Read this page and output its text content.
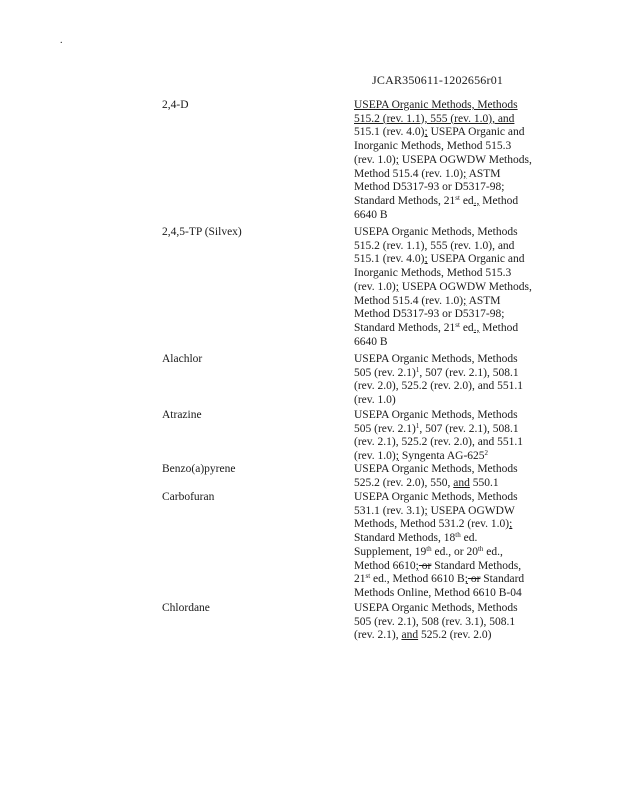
.
JCAR350611-1202656r01
2,4-D	USEPA Organic Methods, Methods 515.2 (rev. 1.1), 555 (rev. 1.0), and 515.1 (rev. 4.0); USEPA Organic and Inorganic Methods, Method 515.3 (rev. 1.0); USEPA OGWDW Methods, Method 515.4 (rev. 1.0); ASTM Method D5317-93 or D5317-98; Standard Methods, 21st ed., Method 6640 B
2,4,5-TP (Silvex)	USEPA Organic Methods, Methods 515.2 (rev. 1.1), 555 (rev. 1.0), and 515.1 (rev. 4.0); USEPA Organic and Inorganic Methods, Method 515.3 (rev. 1.0); USEPA OGWDW Methods, Method 515.4 (rev. 1.0); ASTM Method D5317-93 or D5317-98; Standard Methods, 21st ed., Method 6640 B
Alachlor	USEPA Organic Methods, Methods 505 (rev. 2.1)$^1$, 507 (rev. 2.1), 508.1 (rev. 2.0), 525.2 (rev. 2.0), and 551.1 (rev. 1.0)
Atrazine	USEPA Organic Methods, Methods 505 (rev. 2.1)$^1$, 507 (rev. 2.1), 508.1 (rev. 2.1), 525.2 (rev. 2.0), and 551.1 (rev. 1.0); Syngenta $AG-625^2$
Benzo(a)pyrene	USEPA Organic Methods, Methods 525.2 (rev. 2.0), 550, and 550.1
Carbofuran	USEPA Organic Methods, Methods 531.1 (rev. 3.1); USEPA OGWDW Methods, Method 531.2 (rev. 1.0); Standard Methods, 18th ed. Supplement, 19th ed., or 20th ed., Method 6610; or Standard Methods, 21st ed., Method 6610 B; or Standard Methods Online, Method 6610 B-04
Chlordane	USEPA Organic Methods, Methods 505 (rev. 2.1), 508 (rev. 3.1), 508.1 (rev. 2.1), and 525.2 (rev. 2.0)
